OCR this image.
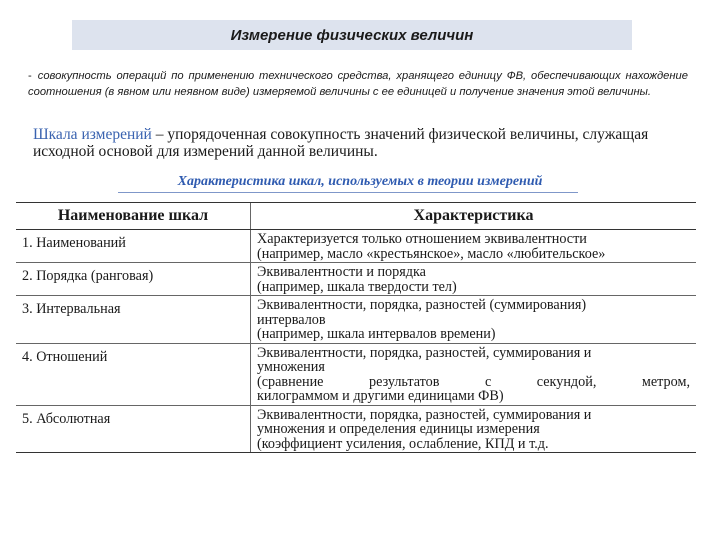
Измерение физических величин
- совокупность операций по применению технического средства, хранящего единицу ФВ, обеспечивающих нахождение соотношения (в явном или неявном виде) измеряемой величины с ее единицей и получение значения этой величины.
Шкала измерений – упорядоченная совокупность значений физической величины, служащая исходной основой для измерений данной величины.
Характеристика шкал, используемых в теории измерений
Наименование шкал	Характеристика
1. Наименований	Характеризуется только отношением эквивалентности
(например, масло «крестьянское», масло «любительское»

2. Порядка (ранговая)	Эквивалентности и порядка
(например, шкала твердости тел)

3. Интервальная	Эквивалентности, порядка, разностей (суммирования)
интервалов
(например, шкала интервалов времени)

4. Отношений	Эквивалентности, порядка, разностей, суммирования и
умножения
(сравнение результатов с секундой, метром,
килограммом и другими единицами ФВ)

5. Абсолютная	Эквивалентности, порядка, разностей, суммирования и
умножения и определения единицы измерения
(коэффициент усиления, ослабление, КПД и т.д.
